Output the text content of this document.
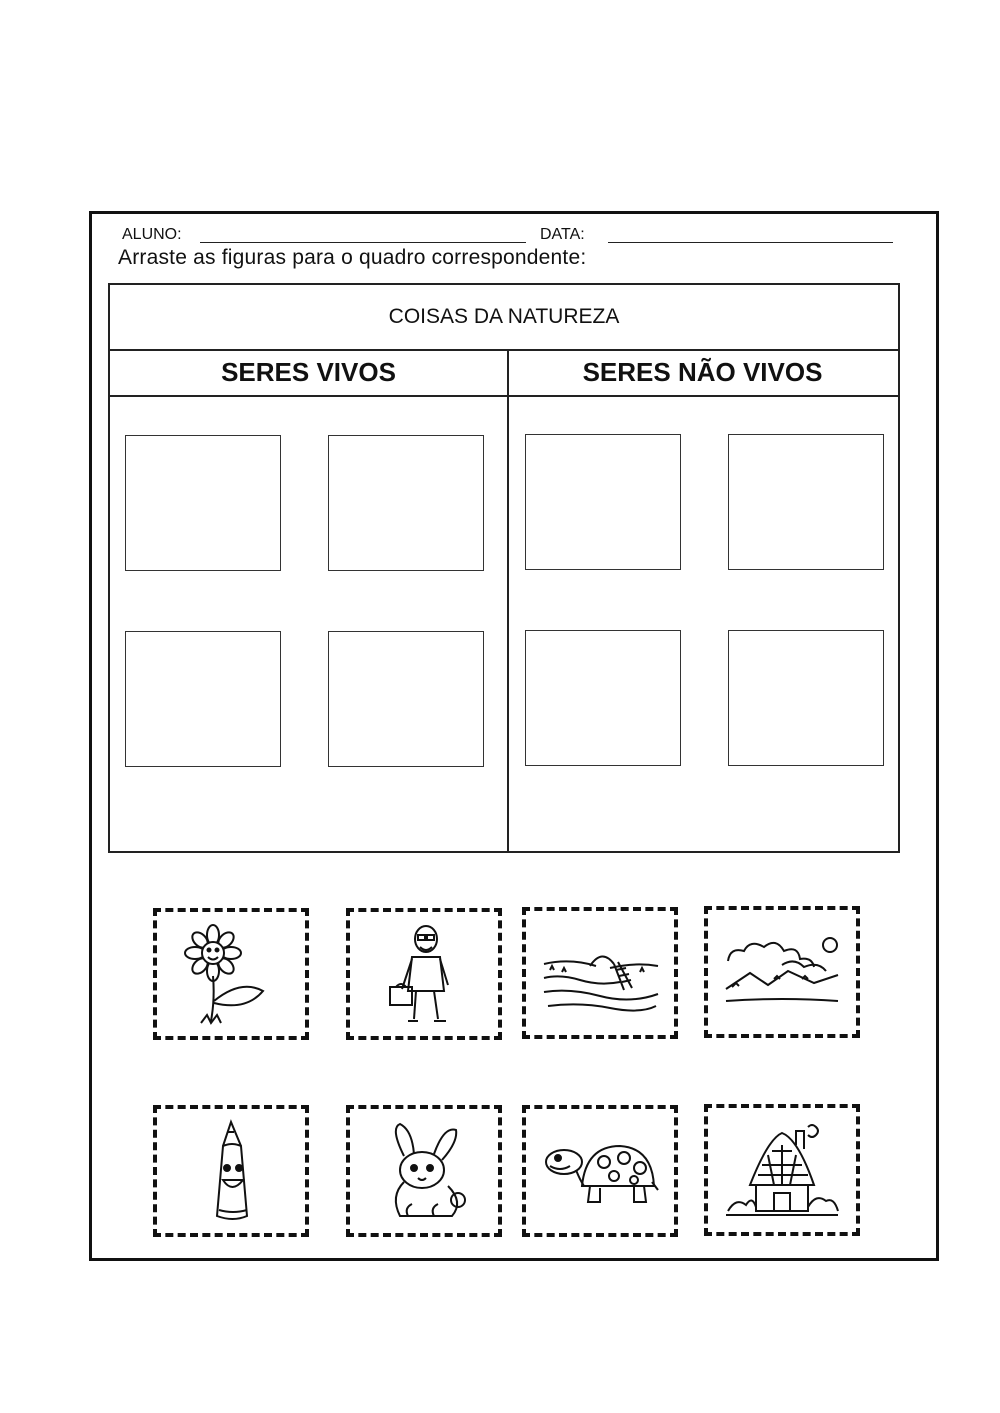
ALUNO:	DATA:
Arraste as figuras para o quadro correspondente:
COISAS DA NATUREZA
SERES VIVOS	SERES NÃO VIVOS
